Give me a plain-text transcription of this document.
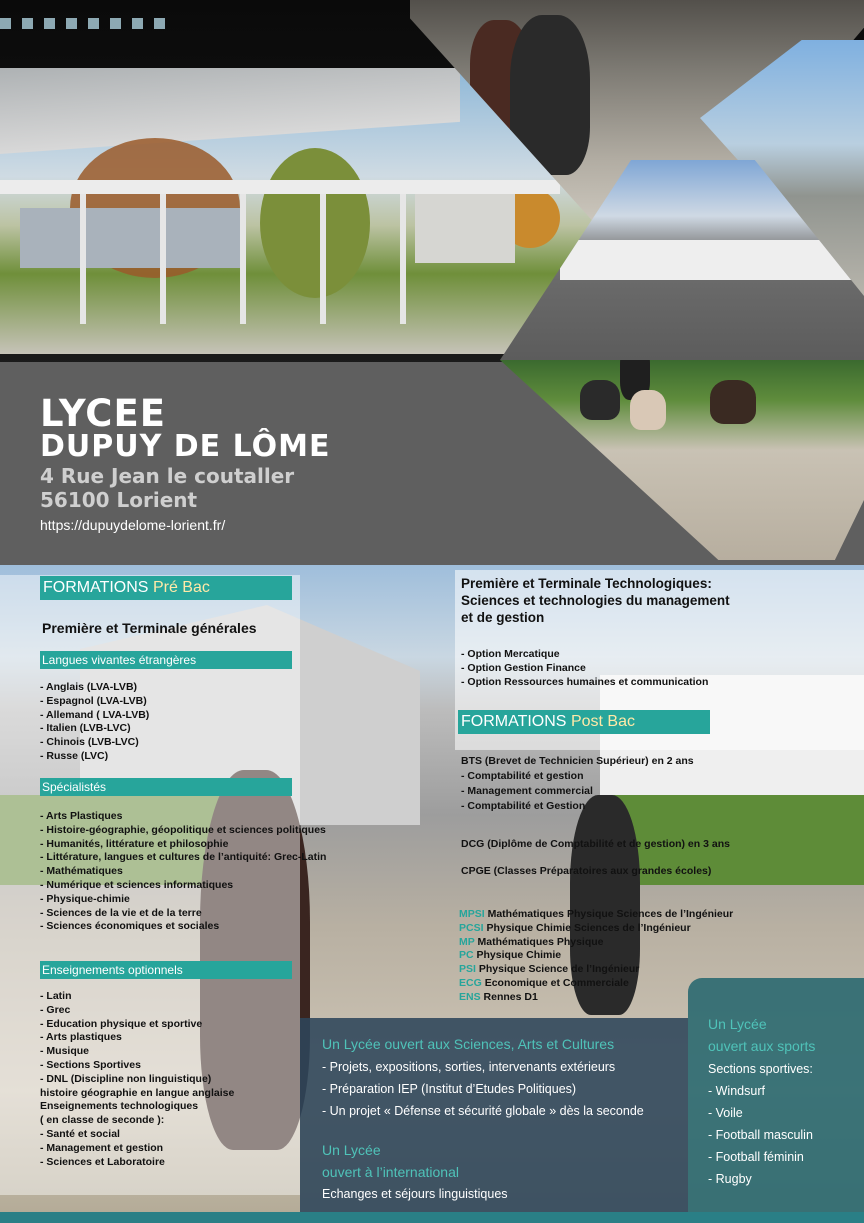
LYCEE
DUPUY DE LÔME
4 Rue Jean le coutaller
56100 Lorient
https://dupuydelome-lorient.fr/
FORMATIONS Pré Bac
Première et Terminale générales
Langues vivantes étrangères
- Anglais (LVA-LVB)
- Espagnol (LVA-LVB)
- Allemand ( LVA-LVB)
- Italien (LVB-LVC)
- Chinois (LVB-LVC)
- Russe (LVC)
Spécialistés
- Arts Plastiques
- Histoire-géographie, géopolitique et sciences politiques
- Humanités, littérature et philosophie
- Littérature, langues et cultures de l’antiquité: Grec-Latin
- Mathématiques
- Numérique et sciences informatiques
- Physique-chimie
- Sciences de la vie et de la terre
- Sciences économiques et sociales
Enseignements optionnels
- Latin
- Grec
- Education physique et sportive
- Arts plastiques
- Musique
- Sections Sportives
- DNL (Discipline non linguistique)
histoire géographie en langue anglaise
Enseignements technologiques
( en classe de seconde ):
- Santé et social
- Management et gestion
- Sciences et Laboratoire
Première et Terminale Technologiques:
Sciences et technologies du management
et de gestion
- Option Mercatique
- Option Gestion Finance
- Option Ressources humaines et communication
FORMATIONS Post Bac
BTS (Brevet de Technicien Supérieur) en 2 ans
- Comptabilité et gestion
- Management commercial
- Comptabilité et Gestion
DCG (Diplôme de Comptabilité et de gestion) en 3 ans
CPGE (Classes Préparatoires aux grandes écoles)
MPSI Mathématiques Physique Sciences de l’Ingénieur
PCSI Physique Chimie Sciences de l’Ingénieur
MP Mathématiques Physique
PC Physique Chimie
PSI Physique Science de l’Ingénieur
ECG Economique et Commerciale
ENS Rennes D1
Un Lycée ouvert aux Sciences, Arts et Cultures
- Projets, expositions, sorties, intervenants extérieurs
- Préparation IEP (Institut d’Etudes Politiques)
- Un projet « Défense et sécurité globale » dès la seconde
Un Lycée
ouvert à l’international
Echanges et séjours linguistiques
Un Lycée
ouvert aux sports
Sections sportives:
- Windsurf
- Voile
- Football masculin
- Football féminin
- Rugby
